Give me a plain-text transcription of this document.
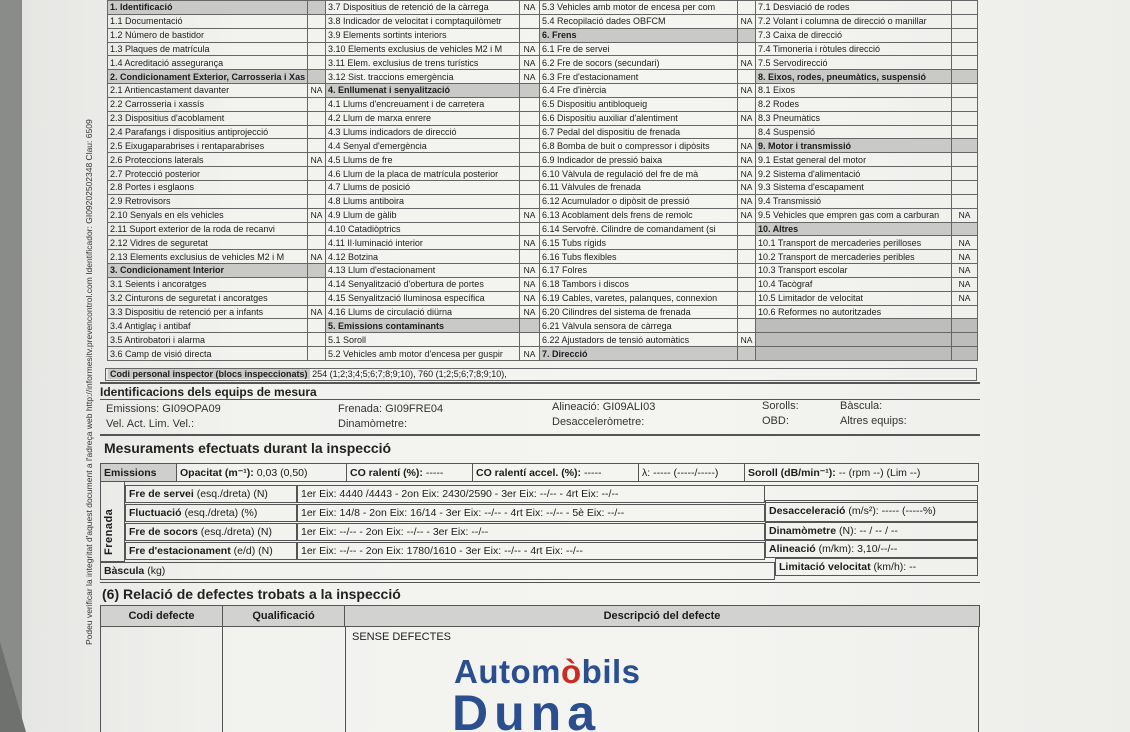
Podeu verificar la integritat d'aquest document a l'adreça web http://informesitv.prevencontrol.com Identificador: GI09202502348 Clau: 6509
1. Identificació		3.7 Dispositius de retenció de la càrrega	NA	5.3 Vehicles amb motor de encesa per com		7.1 Desviació de rodes	
1.1 Documentació		3.8 Indicador de velocitat i comptaquilòmetr		5.4 Recopilació dades OBFCM	NA	7.2 Volant i columna de direcció o manillar	
1.2 Número de bastidor		3.9 Elements sortints interiors		6. Frens		7.3 Caixa de direcció	
1.3 Plaques de matrícula		3.10 Elements exclusius de vehicles M2 i M	NA	6.1 Fre de servei		7.4 Timoneria i ròtules direcció	
1.4 Acreditació assegurança		3.11 Elem. exclusius de trens turístics	NA	6.2 Fre de socors (secundari)	NA	7.5 Servodirecció	
2. Condicionament Exterior, Carrosseria i Xas		3.12 Sist. traccions emergència	NA	6.3 Fre d'estacionament		8. Eixos, rodes, pneumàtics, suspensió	
2.1 Antiencastament davanter	NA	4. Enllumenat i senyalització		6.4 Fre d'inèrcia	NA	8.1 Eixos	
2.2 Carrosseria i xassís		4.1 Llums d'encreuament i de carretera		6.5 Dispositiu antibloqueig		8.2 Rodes	
2.3 Dispositius d'acoblament		4.2 Llum de marxa enrere		6.6 Dispositiu auxiliar d'alentiment	NA	8.3 Pneumàtics	
2.4 Parafangs i dispositius antiprojecció		4.3 Llums indicadors de direcció		6.7 Pedal del dispositiu de frenada		8.4 Suspensió	
2.5 Eixugaparabrises i rentaparabrises		4.4 Senyal d'emergència		6.8 Bomba de buit o compressor i dipòsits	NA	9. Motor i transmissió	
2.6 Proteccions laterals	NA	4.5 Llums de fre		6.9 Indicador de pressió baixa	NA	9.1 Estat general del motor	
2.7 Protecció posterior		4.6 Llum de la placa de matrícula posterior		6.10 Vàlvula de regulació del fre de mà	NA	9.2 Sistema d'alimentació	
2.8 Portes i esglaons		4.7 Llums de posició		6.11 Vàlvules de frenada	NA	9.3 Sistema d'escapament	
2.9 Retrovisors		4.8 Llums antiboira		6.12 Acumulador o dipòsit de pressió	NA	9.4 Transmissió	
2.10 Senyals en els vehicles	NA	4.9 Llum de gàlib	NA	6.13 Acoblament dels frens de remolc	NA	9.5 Vehicles que empren gas com a carburan	NA
2.11 Suport exterior de la roda de recanvi		4.10 Catadiòptrics		6.14 Servofrè. Cilindre de comandament (si		10. Altres	
2.12 Vidres de seguretat		4.11 Il·luminació interior	NA	6.15 Tubs rígids		10.1 Transport de mercaderies perilloses	NA
2.13 Elements exclusius de vehicles M2 i M	NA	4.12 Botzina		6.16 Tubs flexibles		10.2 Transport de mercaderies peribles	NA
3. Condicionament Interior		4.13 Llum d'estacionament	NA	6.17 Folres		10.3 Transport escolar	NA
3.1 Seients i ancoratges		4.14 Senyalització d'obertura de portes	NA	6.18 Tambors i discos		10.4 Tacògraf	NA
3.2 Cinturons de seguretat i ancoratges		4.15 Senyalització lluminosa específica	NA	6.19 Cables, varetes, palanques, connexion		10.5 Limitador de velocitat	NA
3.3 Dispositiu de retenció per a infants	NA	4.16 Llums de circulació diürna	NA	6.20 Cilindres del sistema de frenada		10.6 Reformes no autoritzades	
3.4 Antiglaç i antibaf		5. Emissions contaminants		6.21 Vàlvula sensora de càrrega			
3.5 Antirobatori i alarma		5.1 Soroll		6.22 Ajustadors de tensió automàtics	NA		
3.6 Camp de visió directa		5.2 Vehicles amb motor d'encesa per guspir	NA	7. Direcció			
Codi personal inspector (blocs inspeccionats) 254 (1;2;3;4;5;6;7;8;9;10), 760 (1;2;5;6;7;8;9;10),
Identificacions dels equips de mesura
Emissions: GI09OPA09	Frenada: GI09FRE04	Alineació: GI09ALI03	Sorolls:	Bàscula:
Vel. Act. Lim. Vel.:	Dinamòmetre:	Desacceleròmetre:	OBD:	Altres equips:
Mesuraments efectuats durant la inspecció
Emissions	Opacitat (m⁻¹): 0,03 (0,50)	CO ralentí (%): -----	CO ralentí accel. (%): -----	λ: ----- (-----/-----)	Soroll (dB/min⁻¹): -- (rpm --) (Lim --)
Frenada
Fre de servei (esq./dreta) (N)	1er Eix: 4440 /4443 - 2on Eix: 2430/2590 - 3er Eix: --/-- - 4rt Eix: --/--
Fluctuació (esq./dreta) (%)	1er Eix: 14/8 - 2on Eix: 16/14 - 3er Eix: --/-- - 4rt Eix: --/-- - 5è Eix: --/--	Desacceleració (m/s²): ----- (-----%)
Fre de socors (esq./dreta) (N)	1er Eix: --/-- - 2on Eix: --/-- - 3er Eix: --/--	Dinamòmetre (N): -- / -- / --
Fre d'estacionament (e/d) (N)	1er Eix: --/-- - 2on Eix: 1780/1610 - 3er Eix: --/-- - 4rt Eix: --/--	Alineació (m/km): 3,10/--/--
Bàscula (kg)	Limitació velocitat (km/h): --
(6) Relació de defectes trobats a la inspecció
Codi defecte	Qualificació	Descripció del defecte
SENSE DEFECTES
Automòbils
Duna
